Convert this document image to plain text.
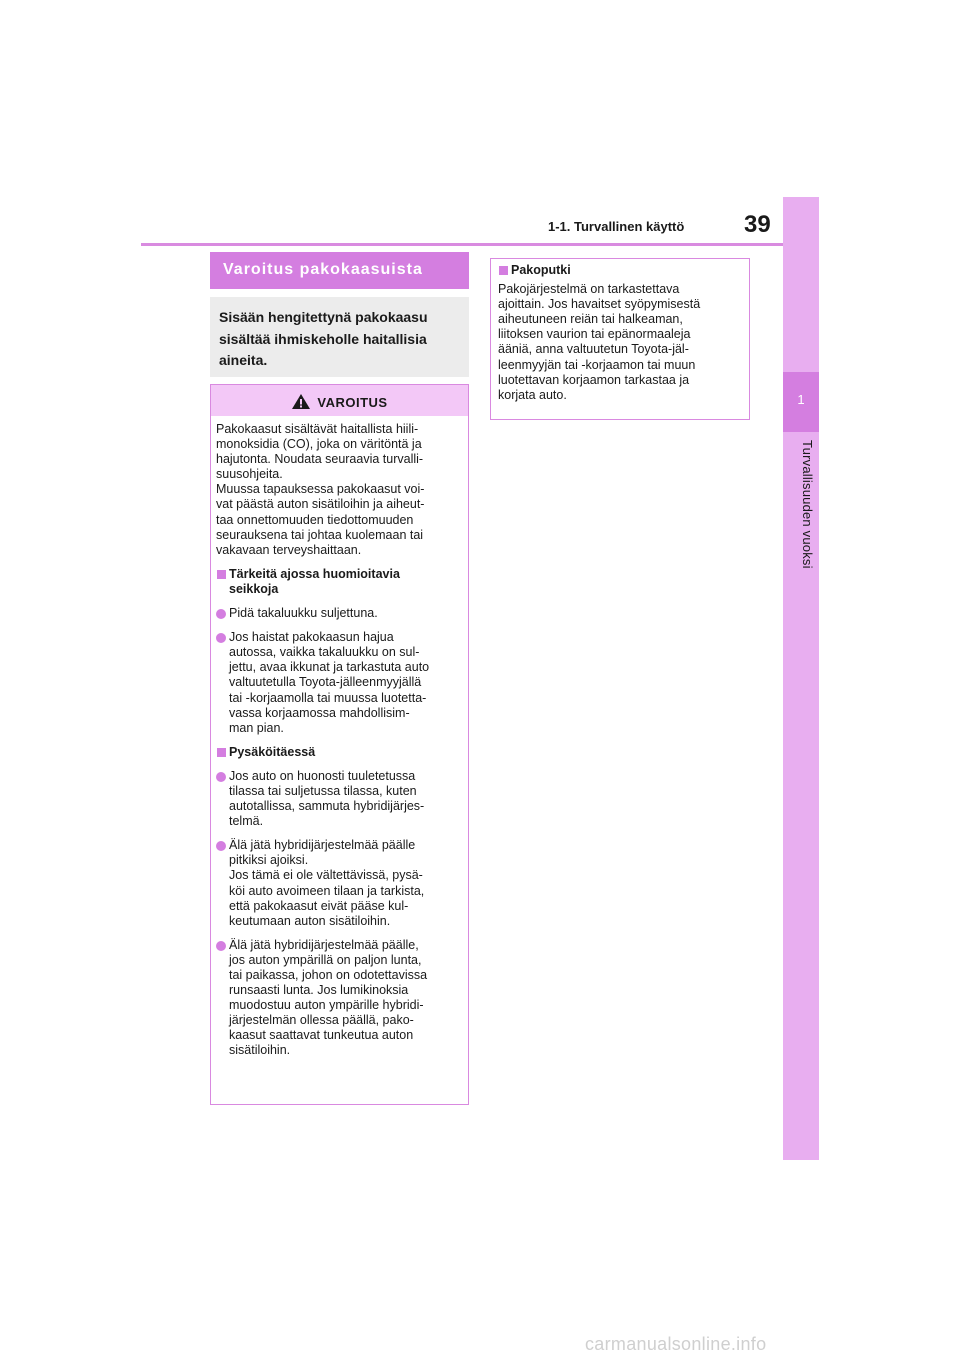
1-1. Turvallinen käyttö 39
1
Turvallisuuden vuoksi
Varoitus pakokaasuista
Sisään hengitettynä pakokaasu sisältää ihmiskeholle haitallisia aineita.
VAROITUS
Pakokaasut sisältävät haitallista hiili-
monoksidia (CO), joka on väritöntä ja
hajutonta. Noudata seuraavia turvalli-
suusohjeita.
Muussa tapauksessa pakokaasut voi-
vat päästä auton sisätiloihin ja aiheut-
taa onnettomuuden tiedottomuuden
seurauksena tai johtaa kuolemaan tai
vakavaan terveyshaittaan.
Tärkeitä ajossa huomioitavia
seikkoja
Pidä takaluukku suljettuna.
Jos haistat pakokaasun hajua
autossa, vaikka takaluukku on sul-
jettu, avaa ikkunat ja tarkastuta auto
valtuutetulla Toyota-jälleenmyyjällä
tai -korjaamolla tai muussa luotetta-
vassa korjaamossa mahdollisim-
man pian.
Pysäköitäessä
Jos auto on huonosti tuuletetussa
tilassa tai suljetussa tilassa, kuten
autotallissa, sammuta hybridijärjes-
telmä.
Älä jätä hybridijärjestelmää päälle
pitkiksi ajoiksi.
Jos tämä ei ole vältettävissä, pysä-
köi auto avoimeen tilaan ja tarkista,
että pakokaasut eivät pääse kul-
keutumaan auton sisätiloihin.
Älä jätä hybridijärjestelmää päälle,
jos auton ympärillä on paljon lunta,
tai paikassa, johon on odotettavissa
runsaasti lunta. Jos lumikinoksia
muodostuu auton ympärille hybridi-
järjestelmän ollessa päällä, pako-
kaasut saattavat tunkeutua auton
sisätiloihin.
Pakoputki
Pakojärjestelmä on tarkastettava
ajoittain. Jos havaitset syöpymisestä
aiheutuneen reiän tai halkeaman,
liitoksen vaurion tai epänormaaleja
ääniä, anna valtuutetun Toyota-jäl-
leenmyyjän tai -korjaamon tai muun
luotettavan korjaamon tarkastaa ja
korjata auto.
carmanualsonline.info
